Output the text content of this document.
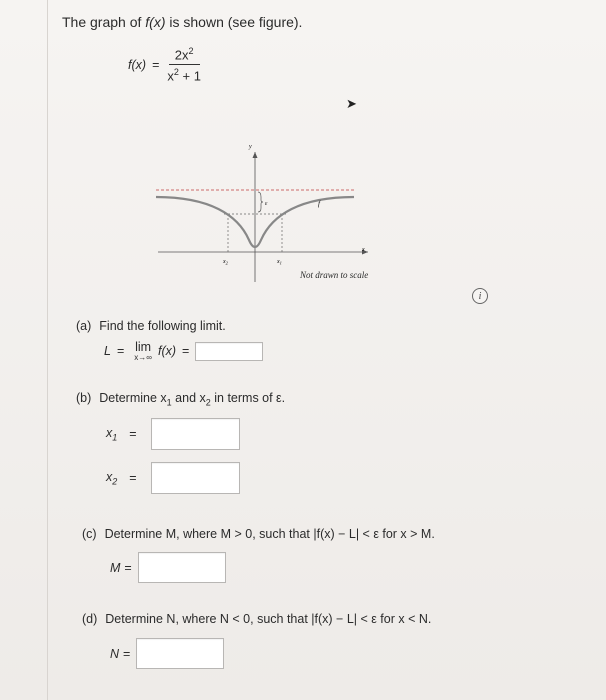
The graph of f(x) is shown (see figure).
$f(x) = \frac{2x^2}{x^2 + 1}$
➤
y
x
ε	f
$x_2$	$x_1$
Not drawn to scale
i
(a) Find the following limit.
L = lim
x→∞ f(x) =
(b) Determine $x_1$ and $x_2$ in terms of ε.
$x_1$ =
$x_2$ =
(c) Determine M, where M > 0, such that |f(x) − L| < ε for x > M.
M =
(d) Determine N, where N < 0, such that |f(x) − L| < ε for x < N.
N =
